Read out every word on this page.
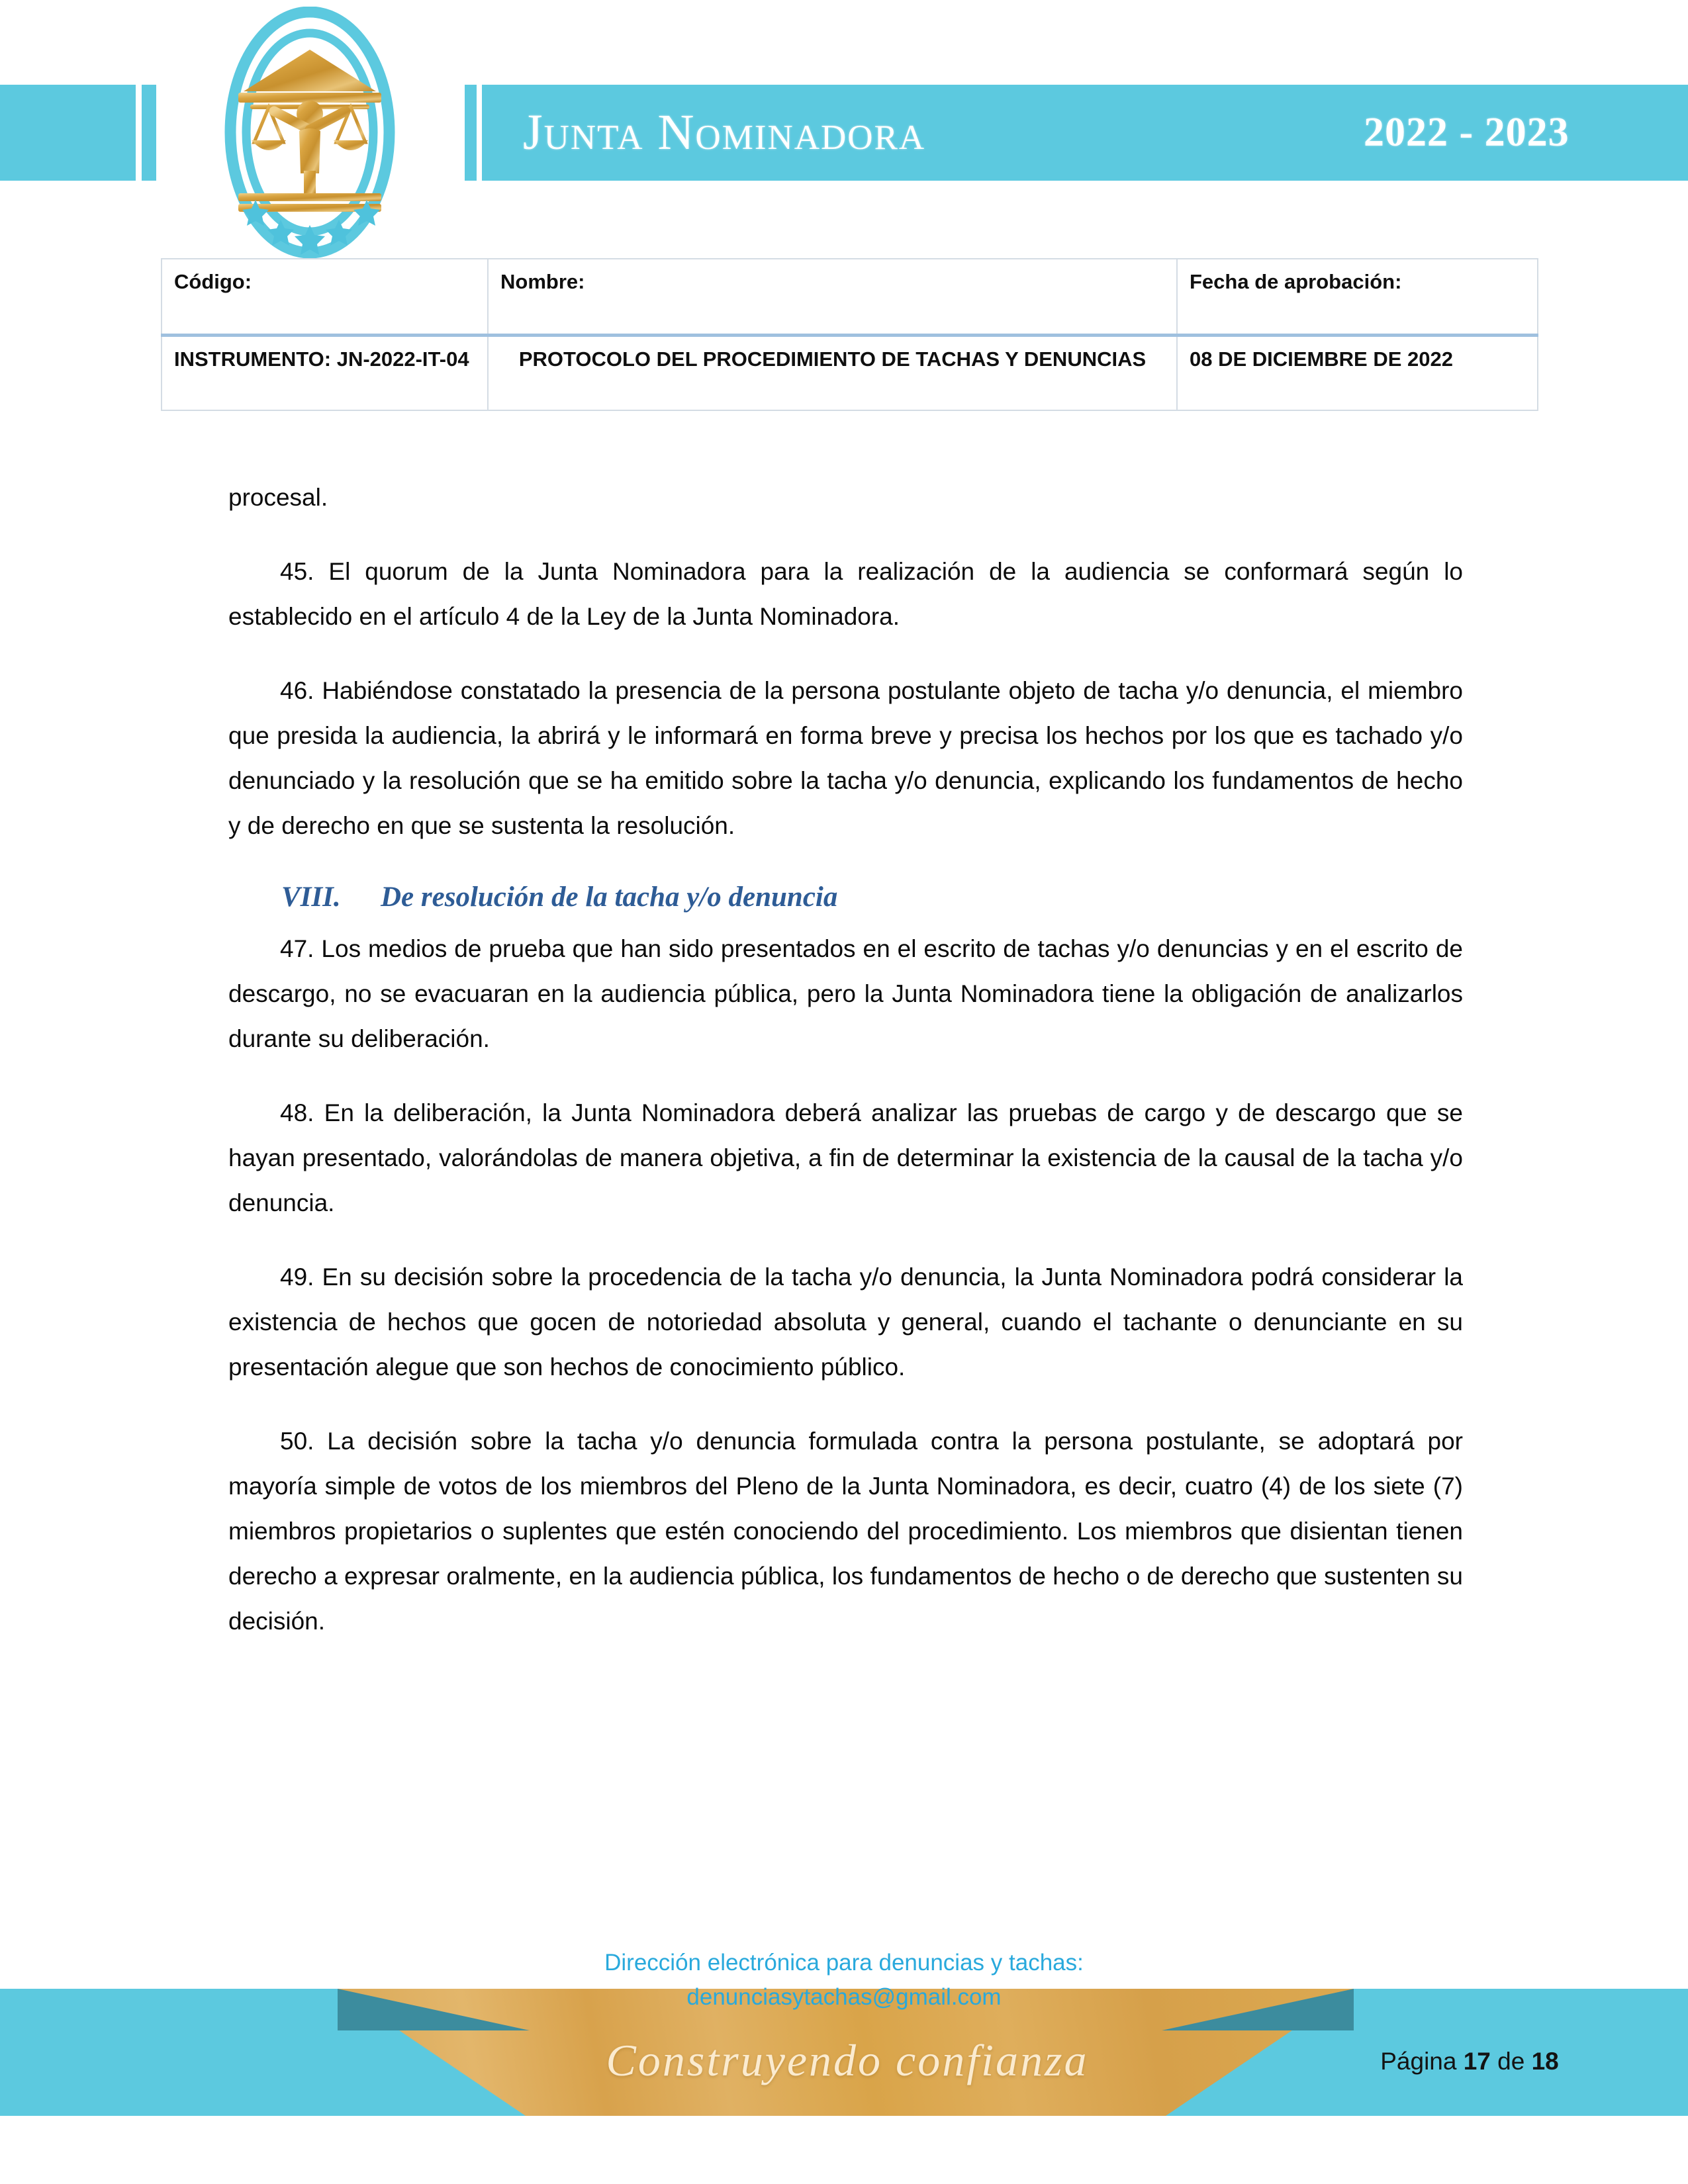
Junta Nominadora	2022 - 2023
Código:	Nombre:	Fecha de aprobación:
INSTRUMENTO: JN-2022-IT-04	PROTOCOLO DEL PROCEDIMIENTO DE TACHAS Y DENUNCIAS	08 DE DICIEMBRE DE 2022

procesal.

45. El quorum de la Junta Nominadora para la realización de la audiencia se conformará según lo establecido en el artículo 4 de la Ley de la Junta Nominadora.

46. Habiéndose constatado la presencia de la persona postulante objeto de tacha y/o denuncia, el miembro que presida la audiencia, la abrirá y le informará en forma breve y precisa los hechos por los que es tachado y/o denunciado y la resolución que se ha emitido sobre la tacha y/o denuncia, explicando los fundamentos de hecho y de derecho en que se sustenta la resolución.

VIII. De resolución de la tacha y/o denuncia

47. Los medios de prueba que han sido presentados en el escrito de tachas y/o denuncias y en el escrito de descargo, no se evacuaran en la audiencia pública, pero la Junta Nominadora tiene la obligación de analizarlos durante su deliberación.

48. En la deliberación, la Junta Nominadora deberá analizar las pruebas de cargo y de descargo que se hayan presentado, valorándolas de manera objetiva, a fin de determinar la existencia de la causal de la tacha y/o denuncia.

49. En su decisión sobre la procedencia de la tacha y/o denuncia, la Junta Nominadora podrá considerar la existencia de hechos que gocen de notoriedad absoluta y general, cuando el tachante o denunciante en su presentación alegue que son hechos de conocimiento público.

50. La decisión sobre la tacha y/o denuncia formulada contra la persona postulante, se adoptará por mayoría simple de votos de los miembros del Pleno de la Junta Nominadora, es decir, cuatro (4) de los siete (7) miembros propietarios o suplentes que estén conociendo del procedimiento. Los miembros que disientan tienen derecho a expresar oralmente, en la audiencia pública, los fundamentos de hecho o de derecho que sustenten su decisión.

Dirección electrónica para denuncias y tachas:
denunciasytachas@gmail.com
Construyendo confianza	Página 17 de 18
